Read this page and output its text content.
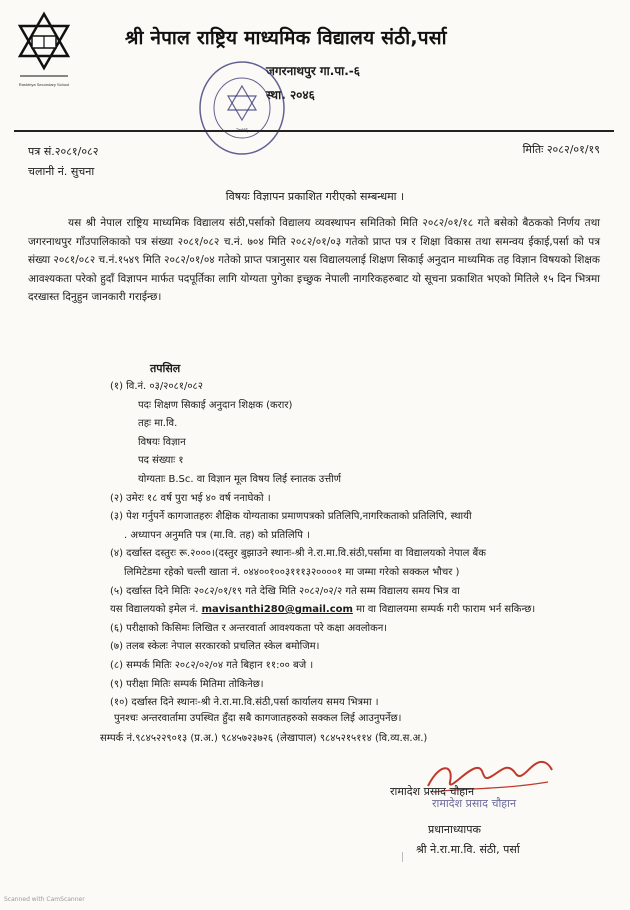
Rashtriya Secondary School
श्री नेपाल राष्ट्रिय माध्यमिक विद्यालय संठी,पर्सा
जगरनाथपुर गा.पा.-६
स्था. २०४६
पत्र सं.२०८१/०८२
चलानी नं. सुचना
मितिः २०८२/०१/१९
विषयः विज्ञापन प्रकाशित गरीएको सम्बन्धमा ।
यस श्री नेपाल राष्ट्रिय माध्यमिक विद्यालय संठी,पर्साको विद्यालय व्यवस्थापन समितिको मिति २०८२/०१/१८ गते बसेको बैठकको निर्णय तथा जगरनाथपुर गाँउपालिकाको पत्र संख्या २०८१/०८२ च.नं. ७०४ मिति २०८२/०१/०३ गतेको प्राप्त पत्र र शिक्षा विकास तथा समन्वय ईकाई,पर्सा को पत्र संख्या २०८१/०८२ च.नं.१५४९ मिति २०८२/०१/०४ गतेको प्राप्त पत्रानुसार यस विद्यालयलाई शिक्षण सिकाई अनुदान माध्यमिक तह विज्ञान विषयको शिक्षक आवश्यकता परेको हुदाँ विज्ञापन मार्फत पदपूर्तिका लागि योग्यता पुगेका इच्छुक नेपाली नागरिकहरुबाट यो सूचना प्रकाशित भएको मितिले १५ दिन भित्रमा दरखास्त दिनुहुन जानकारी गराईन्छ।
तपसिल
(१) वि.नं. ०३/२०८१/०८२
पदः शिक्षण सिकाई अनुदान शिक्षक (करार)
तहः मा.वि.
विषयः विज्ञान
पद संख्याः १
योग्यताः B.Sc. वा विज्ञान मूल विषय लिई स्नातक उत्तीर्ण
(२) उमेरः १८ वर्ष पुरा भई ४० वर्ष ननाघेको ।
(३) पेश गर्नुपर्ने कागजातहरुः शैक्षिक योग्यताका प्रमाणपत्रको प्रतिलिपि,नागरिकताको प्रतिलिपि, स्थायी
. अध्यापन अनुमति पत्र (मा.वि. तह) को प्रतिलिपि ।
(४) दर्खास्त दस्तुरः रू.२०००।(दस्तुर बुझाउने स्थानः-श्री ने.रा.मा.वि.संठी,पर्सामा वा विद्यालयको नेपाल बैंक
लिमिटेडमा रहेको चल्ती खाता नं. ०४४००१००३१११३२००००१ मा जम्मा गरेको सक्कल भौचर )
(५) दर्खास्त दिने मितिः २०८२/०१/१९ गते देखि मिति २०८२/०२/२ गते सम्म विद्यालय समय भित्र वा
यस विद्यालयको इमेल नं. mavisanthi280@gmail.com मा वा विद्यालयमा सम्पर्क गरी फाराम भर्न सकिन्छ।
(६) परीक्षाको किसिमः लिखित र अन्तरवार्ता आवश्यकता परे कक्षा अवलोकन।
(७) तलब स्केलः नेपाल सरकारको प्रचलित स्केल बमोजिम।
(८) सम्पर्क मितिः २०८२/०२/०४ गते बिहान ११:०० बजे ।
(९) परीक्षा मितिः सम्पर्क मितिमा तोकिनेछ।
(१०) दर्खास्त दिने स्थानः-श्री ने.रा.मा.वि.संठी,पर्सा कार्यालय समय भित्रमा ।
पुनश्चः अन्तरवार्तामा उपस्थित हुँदा सबै कागजातहरुको सक्कल लिई आउनुपर्नेछ।
सम्पर्क नं.९८४५२२९०१३ (प्र.अ.) ९८४५७२३७२६ (लेखापाल) ९८४५२१५११४ (वि.व्य.स.अ.)
रामादेश प्रसाद चौहान
रामादेश प्रसाद चौहान
प्रधानाध्यापक
श्री ने.रा.मा.वि. संठी, पर्सा
Scanned with CamScanner
